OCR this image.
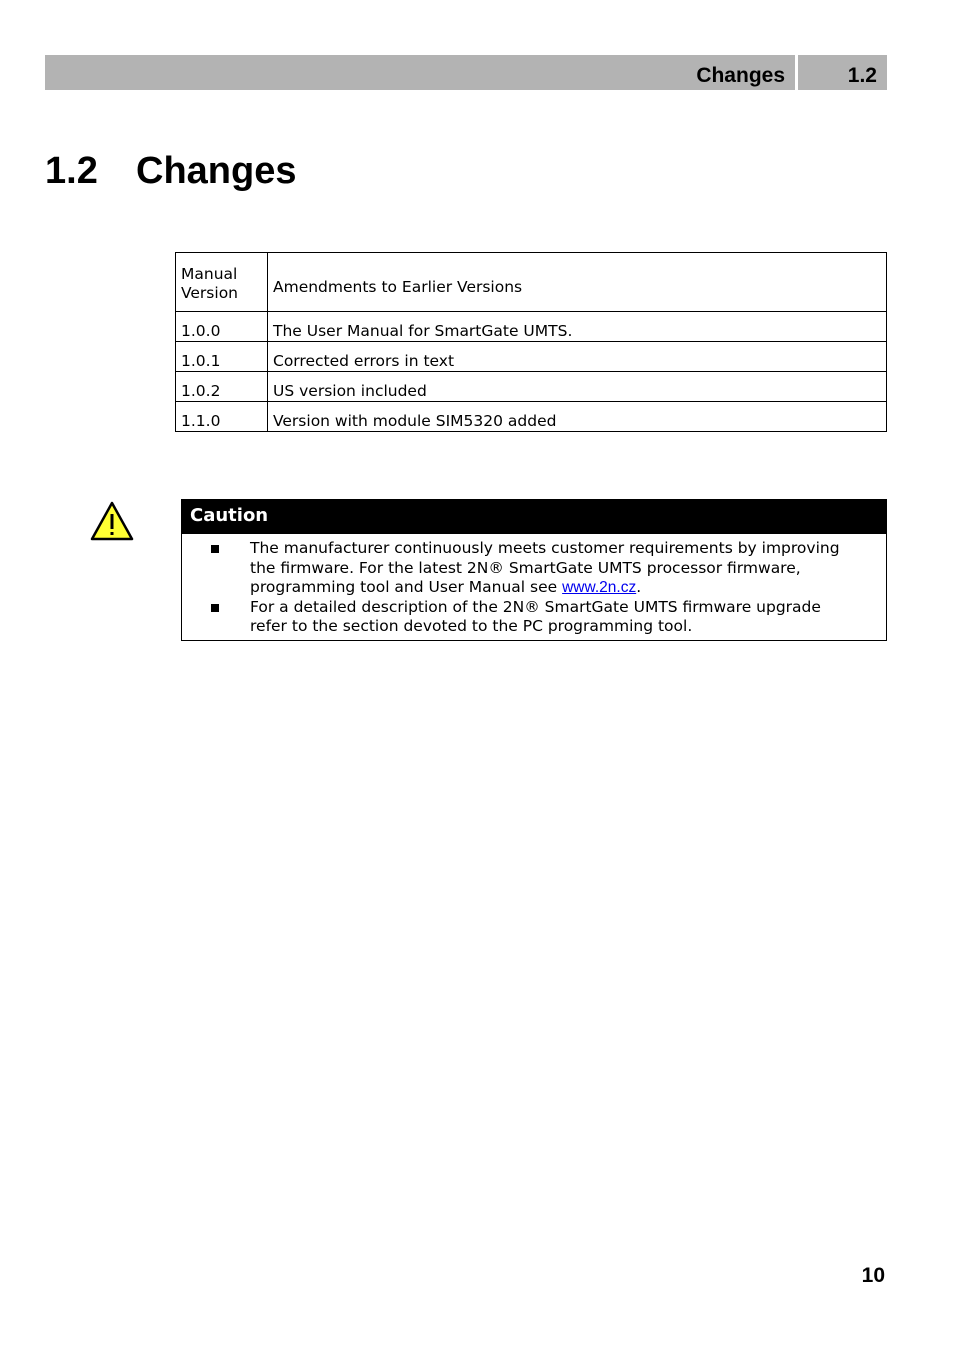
Changes	1.2
1.2 Changes
Manual
Version	Amendments to Earlier Versions
1.0.0	The User Manual for SmartGate UMTS.
1.0.1	Corrected errors in text
1.0.2	US version included
1.1.0	Version with module SIM5320 added
Caution
The manufacturer continuously meets customer requirements by improving the firmware. For the latest 2N® SmartGate UMTS processor firmware, programming tool and User Manual see www.2n.cz.
For a detailed description of the 2N® SmartGate UMTS firmware upgrade refer to the section devoted to the PC programming tool.
10
